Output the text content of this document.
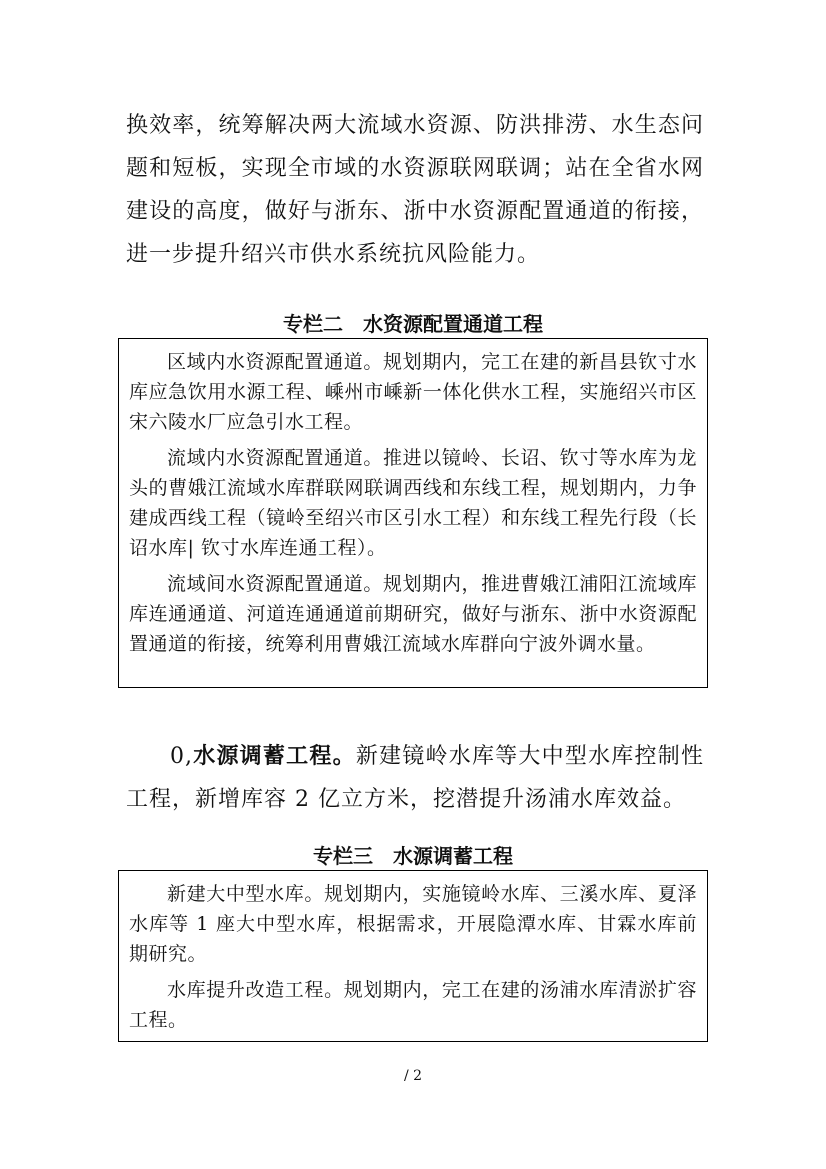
换效率，统筹解决两大流域水资源、防洪排涝、水生态问题和短板，实现全市域的水资源联网联调；站在全省水网建设的高度，做好与浙东、浙中水资源配置通道的衔接，进一步提升绍兴市供水系统抗风险能力。

专栏二　水资源配置通道工程

区域内水资源配置通道。规划期内，完工在建的新昌县钦寸水库应急饮用水源工程、嵊州市嵊新一体化供水工程，实施绍兴市区宋六陵水厂应急引水工程。

流域内水资源配置通道。推进以镜岭、长诏、钦寸等水库为龙头的曹娥江流域水库群联网联调西线和东线工程，规划期内，力争建成西线工程（镜岭至绍兴市区引水工程）和东线工程先行段（长诏水库| 钦寸水库连通工程）。

流域间水资源配置通道。规划期内，推进曹娥江浦阳江流域库库连通通道、河道连通通道前期研究，做好与浙东、浙中水资源配置通道的衔接，统筹利用曹娥江流域水库群向宁波外调水量。

0,水源调蓄工程。新建镜岭水库等大中型水库控制性工程，新增库容 2 亿立方米，挖潜提升汤浦水库效益。

专栏三　水源调蓄工程

新建大中型水库。规划期内，实施镜岭水库、三溪水库、夏泽水库等 1 座大中型水库，根据需求，开展隐潭水库、甘霖水库前期研究。

水库提升改造工程。规划期内，完工在建的汤浦水库清淤扩容工程。

/ 2
